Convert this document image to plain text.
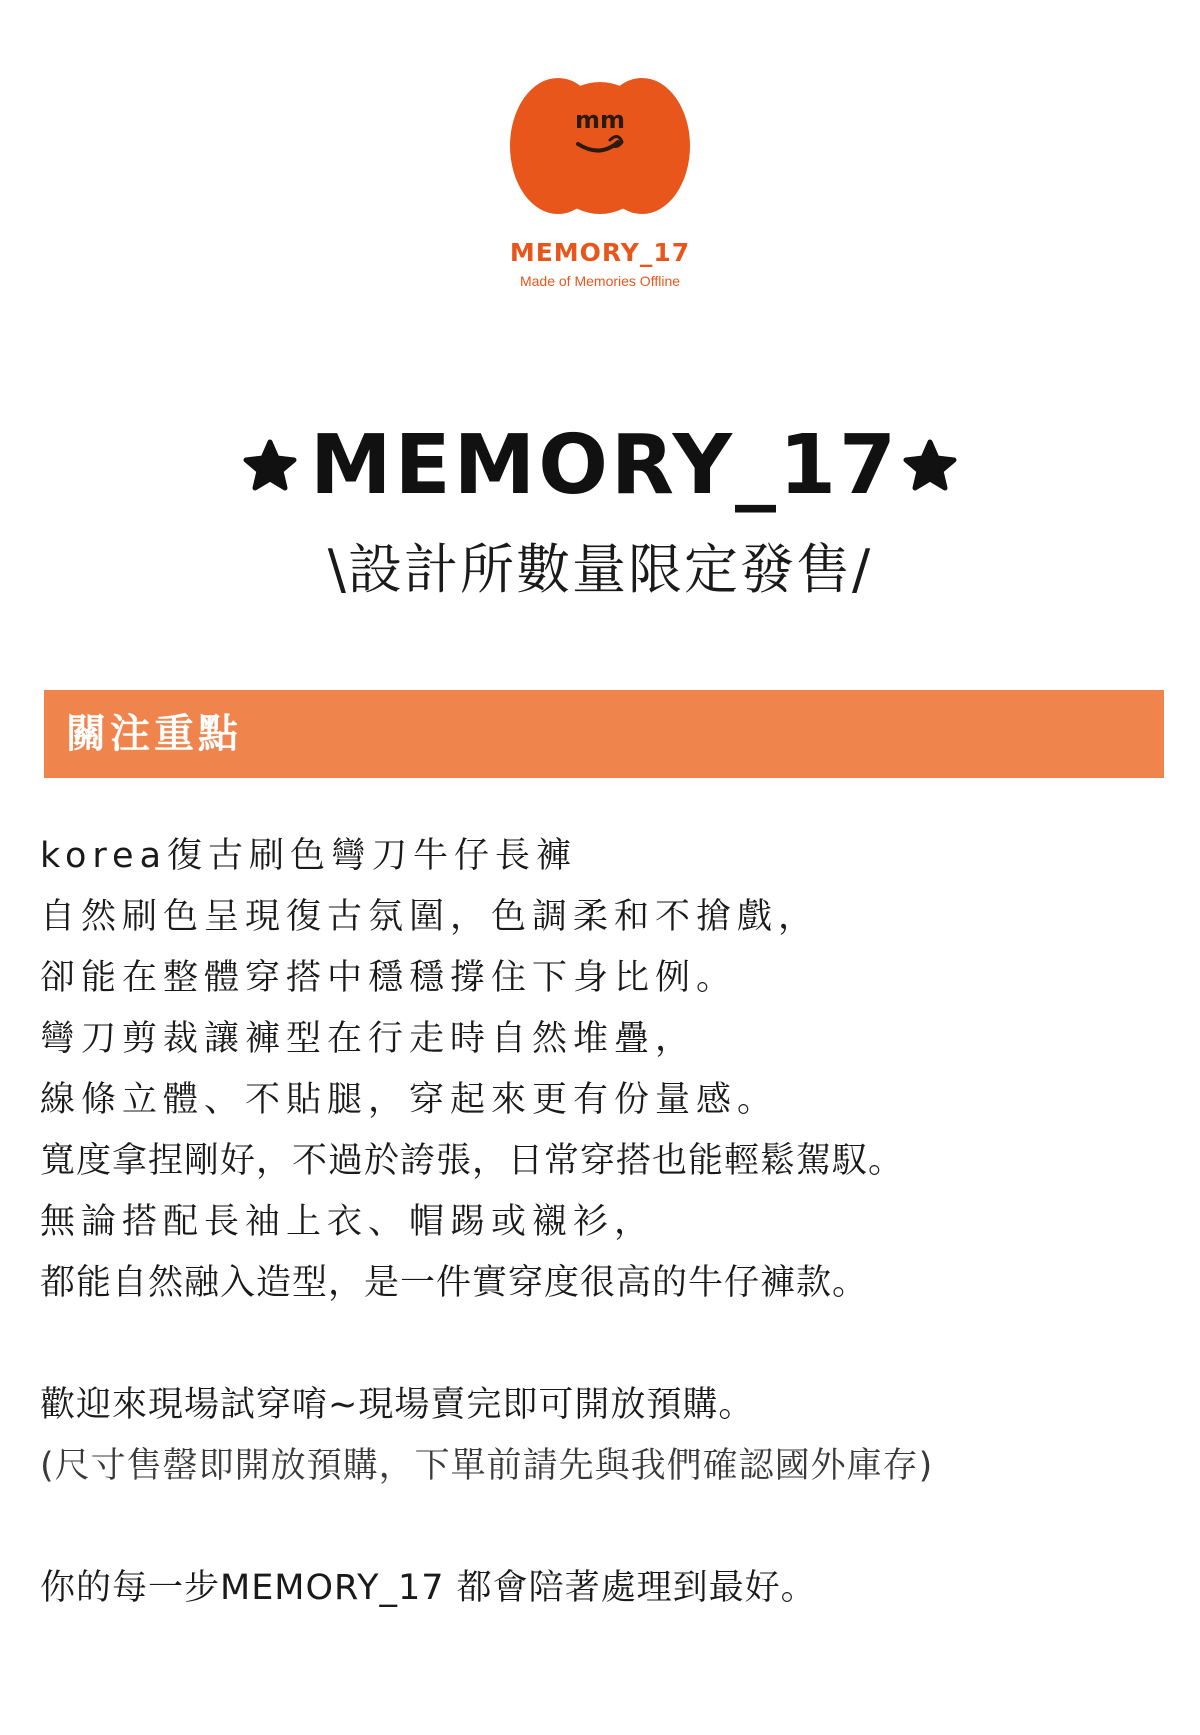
mm
MEMORY_17
Made of Memories Offline
MEMORY_17
\設計所數量限定發售/
關注重點
korea復古刷色彎刀牛仔長褲
自然刷色呈現復古氛圍，色調柔和不搶戲，
卻能在整體穿搭中穩穩撐住下身比例。
彎刀剪裁讓褲型在行走時自然堆疊，
線條立體、不貼腿，穿起來更有份量感。
寬度拿捏剛好，不過於誇張，日常穿搭也能輕鬆駕馭。
無論搭配長袖上衣、帽踢或襯衫，
都能自然融入造型，是一件實穿度很高的牛仔褲款。
歡迎來現場試穿唷~現場賣完即可開放預購。
(尺寸售罄即開放預購，下單前請先與我們確認國外庫存)
你的每一步MEMORY_17 都會陪著處理到最好。
